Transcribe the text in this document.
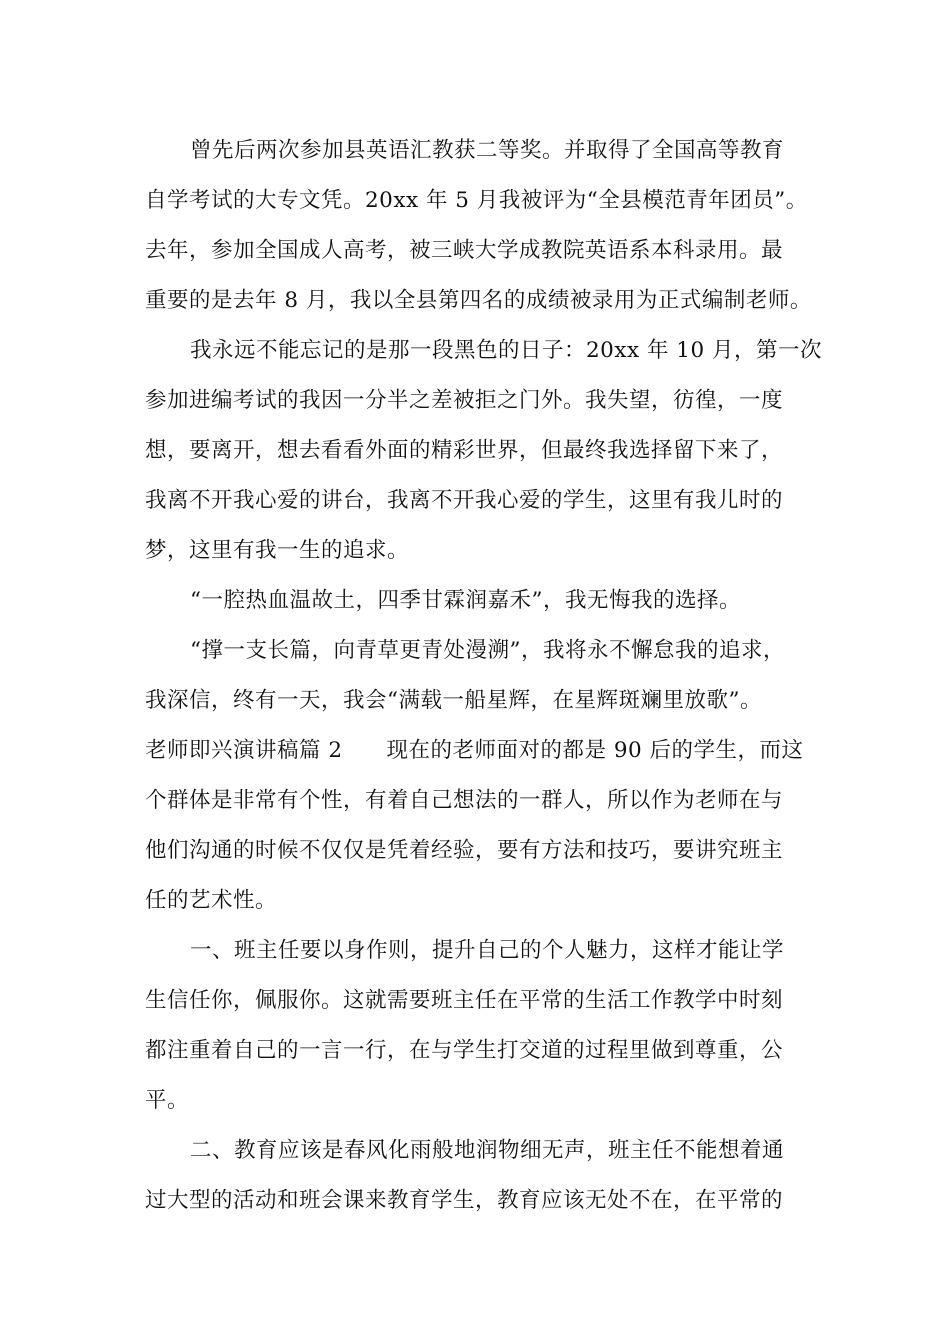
曾先后两次参加县英语汇教获二等奖。并取得了全国高等教育
自学考试的大专文凭。20xx 年 5 月我被评为“全县模范青年团员”。
去年，参加全国成人高考，被三峡大学成教院英语系本科录用。最
重要的是去年 8 月，我以全县第四名的成绩被录用为正式编制老师。
我永远不能忘记的是那一段黑色的日子：20xx 年 10 月，第一次
参加进编考试的我因一分半之差被拒之门外。我失望，彷徨，一度
想，要离开，想去看看外面的精彩世界，但最终我选择留下来了，
我离不开我心爱的讲台，我离不开我心爱的学生，这里有我儿时的
梦，这里有我一生的追求。
“一腔热血温故土，四季甘霖润嘉禾”，我无悔我的选择。
“撑一支长篇，向青草更青处漫溯”，我将永不懈怠我的追求，
我深信，终有一天，我会“满载一船星辉，在星辉斑斓里放歌”。
老师即兴演讲稿篇 2　　现在的老师面对的都是 90 后的学生，而这
个群体是非常有个性，有着自己想法的一群人，所以作为老师在与
他们沟通的时候不仅仅是凭着经验，要有方法和技巧，要讲究班主
任的艺术性。
一、班主任要以身作则，提升自己的个人魅力，这样才能让学
生信任你，佩服你。这就需要班主任在平常的生活工作教学中时刻
都注重着自己的一言一行，在与学生打交道的过程里做到尊重，公
平。
二、教育应该是春风化雨般地润物细无声，班主任不能想着通
过大型的活动和班会课来教育学生，教育应该无处不在，在平常的
